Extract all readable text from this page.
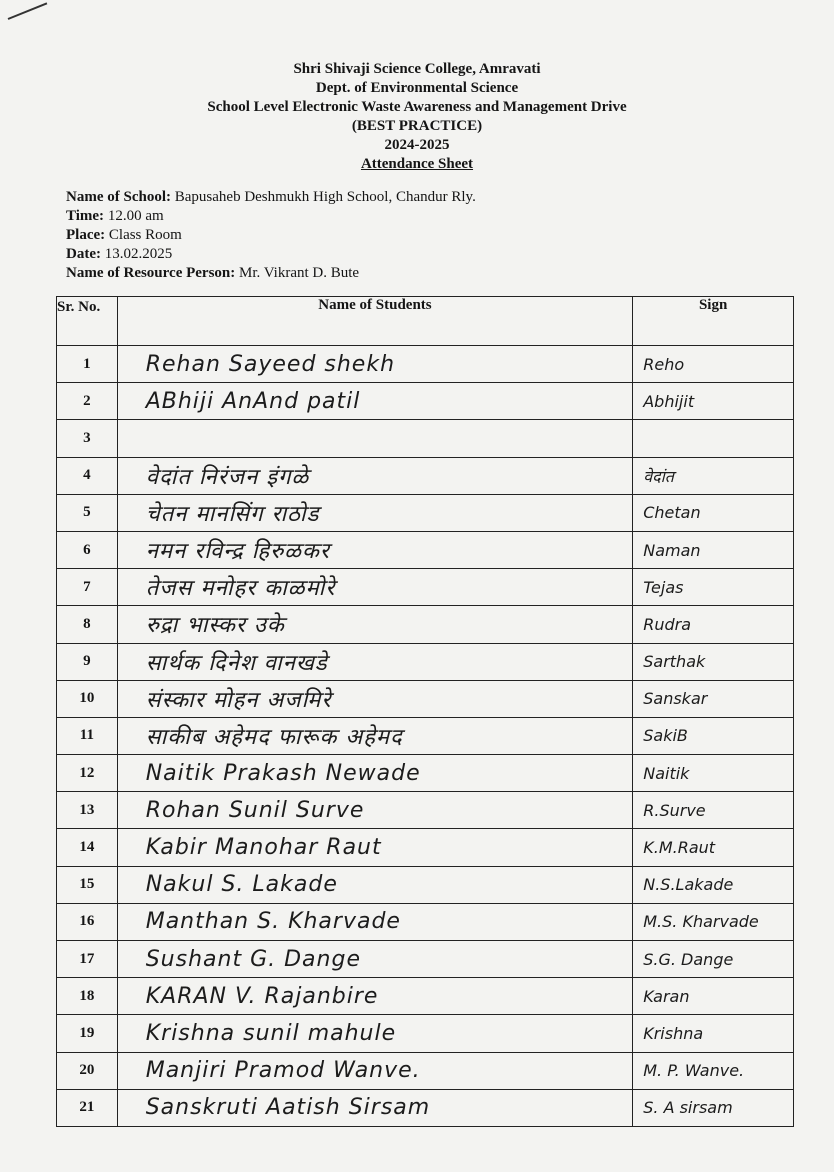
Shri Shivaji Science College, Amravati
Dept. of Environmental Science
School Level Electronic Waste Awareness and Management Drive
(BEST PRACTICE)
2024-2025
Attendance Sheet
Name of School: Bapusaheb Deshmukh High School, Chandur Rly.
Time: 12.00 am
Place: Class Room
Date: 13.02.2025
Name of Resource Person: Mr. Vikrant D. Bute
Sr. No.	Name of Students	Sign
1	Rehan Sayeed shekh	Reho

2	ABhiji AnAnd patil	Abhijit

3	

4	वेदांत निरंजन इंगळे	वेदांत

5	चेतन मानसिंग राठोड	Chetan

6	नमन रविन्द्र हिरुळकर	Naman

7	तेजस मनोहर काळमोरे	Tejas

8	रुद्रा भास्कर उके	Rudra

9	सार्थक दिनेश वानखडे	Sarthak

10	संस्कार मोहन अजमिरे	Sanskar

11	साकीब अहेमद फारूक अहेमद	SakiB

12	Naitik Prakash Newade	Naitik

13	Rohan Sunil Surve	R.Surve

14	Kabir Manohar Raut	K.M.Raut

15	Nakul S. Lakade	N.S.Lakade

16	Manthan S. Kharvade	M.S. Kharvade

17	Sushant G. Dange	S.G. Dange

18	KARAN V. Rajanbire	Karan

19	Krishna sunil mahule	Krishna

20	Manjiri Pramod Wanve.	M. P. Wanve.

21	Sanskruti Aatish Sirsam	S. A sirsam
